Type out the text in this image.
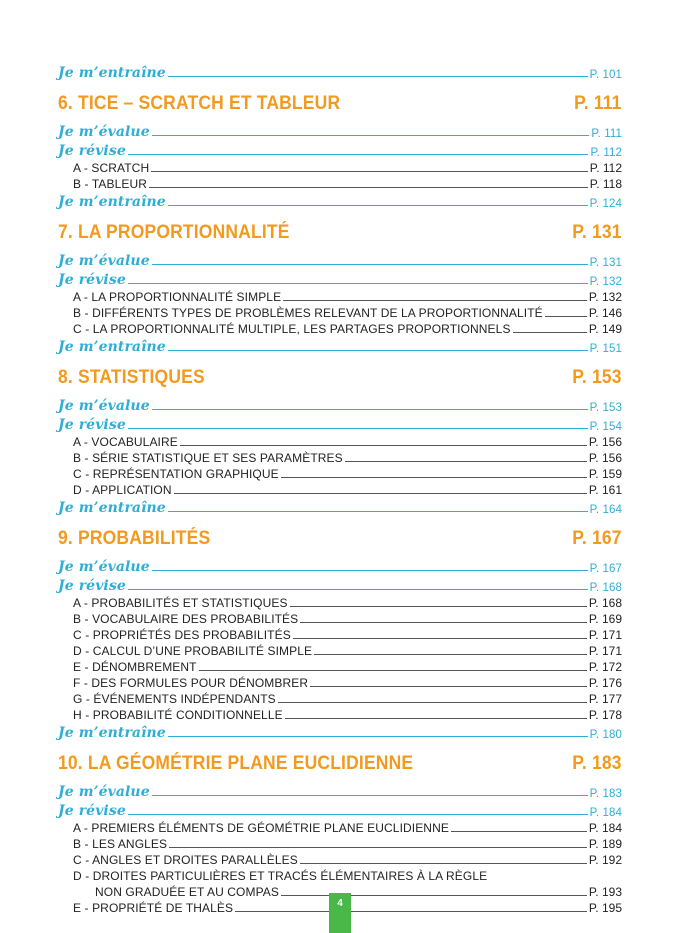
Je m’entraîne	P. 101
6. TICE – SCRATCH ET TABLEUR	P. 111
Je m’évalue	P. 111
Je révise	P. 112
A - SCRATCH	P. 112
B - TABLEUR	P. 118
Je m’entraîne	P. 124
7. LA PROPORTIONNALITÉ	P. 131
Je m’évalue	P. 131
Je révise	P. 132
A - LA PROPORTIONNALITÉ SIMPLE	P. 132
B - DIFFÉRENTS TYPES DE PROBLÈMES RELEVANT DE LA PROPORTIONNALITÉ	P. 146
C - LA PROPORTIONNALITÉ MULTIPLE, LES PARTAGES PROPORTIONNELS	P. 149
Je m’entraîne	P. 151
8. STATISTIQUES	P. 153
Je m’évalue	P. 153
Je révise	P. 154
A - VOCABULAIRE	P. 156
B - SÉRIE STATISTIQUE ET SES PARAMÈTRES	P. 156
C - REPRÉSENTATION GRAPHIQUE	P. 159
D - APPLICATION	P. 161
Je m’entraîne	P. 164
9. PROBABILITÉS	P. 167
Je m’évalue	P. 167
Je révise	P. 168
A - PROBABILITÉS ET STATISTIQUES	P. 168
B - VOCABULAIRE DES PROBABILITÉS	P. 169
C - PROPRIÉTÉS DES PROBABILITÉS	P. 171
D - CALCUL D’UNE PROBABILITÉ SIMPLE	P. 171
E - DÉNOMBREMENT	P. 172
F - DES FORMULES POUR DÉNOMBRER	P. 176
G - ÉVÉNEMENTS INDÉPENDANTS	P. 177
H - PROBABILITÉ CONDITIONNELLE	P. 178
Je m’entraîne	P. 180
10. LA GÉOMÉTRIE PLANE EUCLIDIENNE	P. 183
Je m’évalue	P. 183
Je révise	P. 184
A - PREMIERS ÉLÉMENTS DE GÉOMÉTRIE PLANE EUCLIDIENNE	P. 184
B - LES ANGLES	P. 189
C - ANGLES ET DROITES PARALLÈLES	P. 192
D - DROITES PARTICULIÈRES ET TRACÉS ÉLÉMENTAIRES À LA RÈGLE
NON GRADUÉE ET AU COMPAS	P. 193
E - PROPRIÉTÉ DE THALÈS	P. 195
4
